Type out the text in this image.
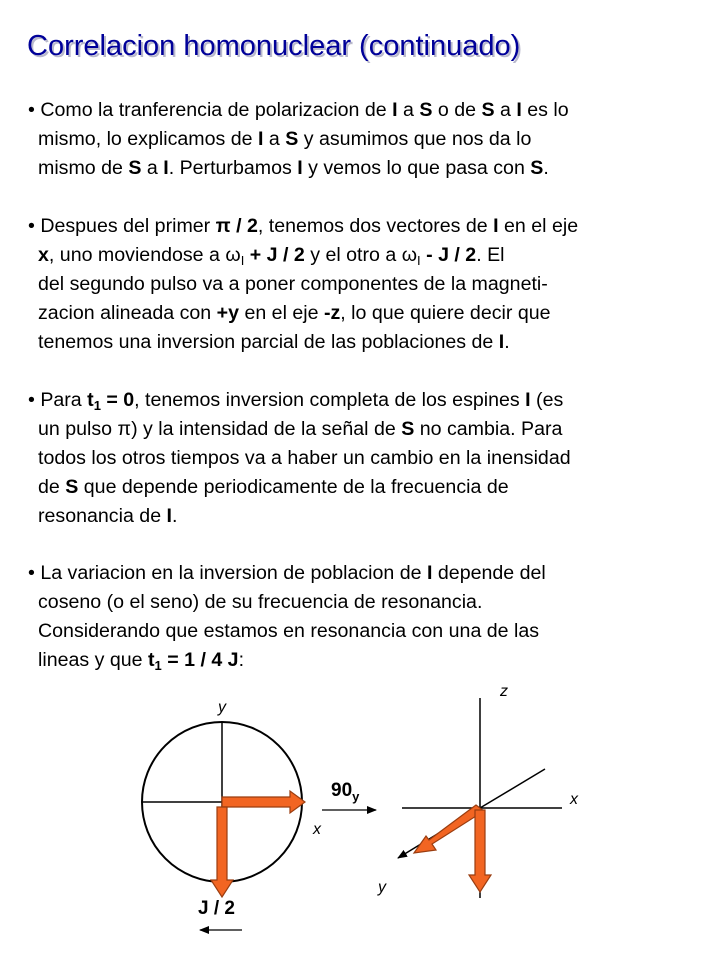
Correlacion homonuclear (continuado)
• Como la tranferencia de polarizacion de I a S o de S a I es lo
mismo, lo explicamos de I a S y asumimos que nos da lo
mismo de S a I. Perturbamos I y vemos lo que pasa con S.
• Despues del primer π / 2, tenemos dos vectores de I en el eje
x, uno moviendose a $\omega_I + J / 2$ y el otro a $\omega_I$ - J / 2. El
del segundo pulso va a poner componentes de la magneti-
zacion alineada con +y en el eje -z, lo que quiere decir que
tenemos una inversion parcial de las poblaciones de I.
• Para $t_1 = 0$, tenemos inversion completa de los espines I (es
un pulso π) y la intensidad de la señal de S no cambia. Para
todos los otros tiempos va a haber un cambio en la inensidad
de S que depende periodicamente de la frecuencia de
resonancia de I.
• La variacion en la inversion de poblacion de I depende del
coseno (o el seno) de su frecuencia de resonancia.
Considerando que estamos en resonancia con una de las
lineas y que $t_1 = 1 / 4$ J:
y
x
J / 2
$90_y$
z
x
y
